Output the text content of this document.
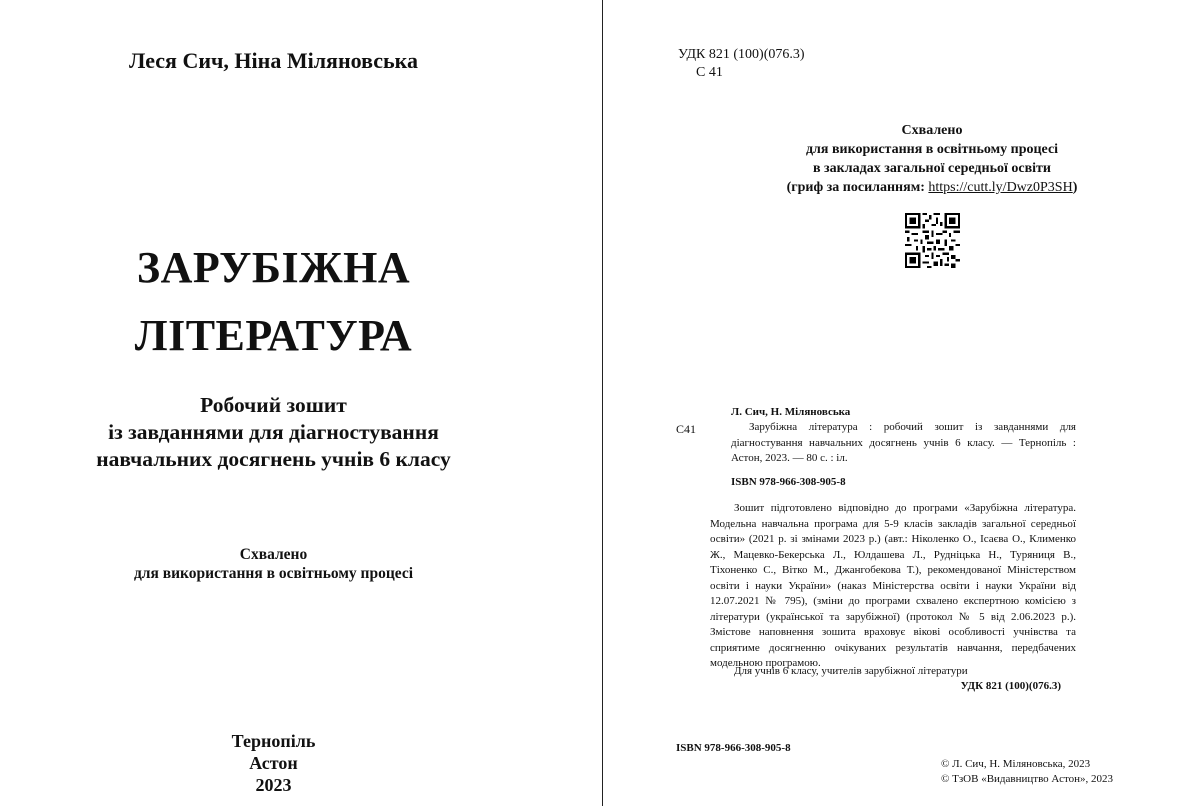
Леся Сич, Ніна Міляновська
ЗАРУБІЖНА
ЛІТЕРАТУРА
Робочий зошит
із завданнями для діагностування
навчальних досягнень учнів 6 класу
Схвалено
для використання в освітньому процесі
Тернопіль
Астон
2023
УДК 821 (100)(076.3)
С 41
Схвалено
для використання в освітньому процесі
в закладах загальної середньої освіти
(гриф за посиланням: https://cutt.ly/Dwz0P3SH)
С41
Л. Сич, Н. Міляновська
Зарубіжна література : робочий зошит із завданнями для діагностування навчальних досягнень учнів 6 класу. — Тернопіль : Астон, 2023. — 80 с. : іл.
ISBN 978-966-308-905-8
Зошит підготовлено відповідно до програми «Зарубіжна література. Модельна навчальна програма для 5-9 класів закладів загальної середньої освіти» (2021 р. зі змінами 2023 р.) (авт.: Ніколенко О., Ісаєва О., Клименко Ж., Мацевко-Бекерська Л., Юлдашева Л., Рудніцька Н., Туряниця В., Тіхоненко С., Вітко М., Джангобекова Т.), рекомендованої Міністерством освіти і науки України» (наказ Міністерства освіти і науки України від 12.07.2021 № 795), (зміни до програми схвалено експертною комісією з літератури (української та зарубіжної) (протокол № 5 від 2.06.2023 р.). Змістове наповнення зошита враховує вікові особливості учнівства та сприятиме досягненню очікуваних результатів навчання, передбачених модельною програмою.
Для учнів 6 класу, учителів зарубіжної літератури
УДК 821 (100)(076.3)
ISBN 978-966-308-905-8
© Л. Сич, Н. Міляновська, 2023
© ТзОВ «Видавництво Астон», 2023
